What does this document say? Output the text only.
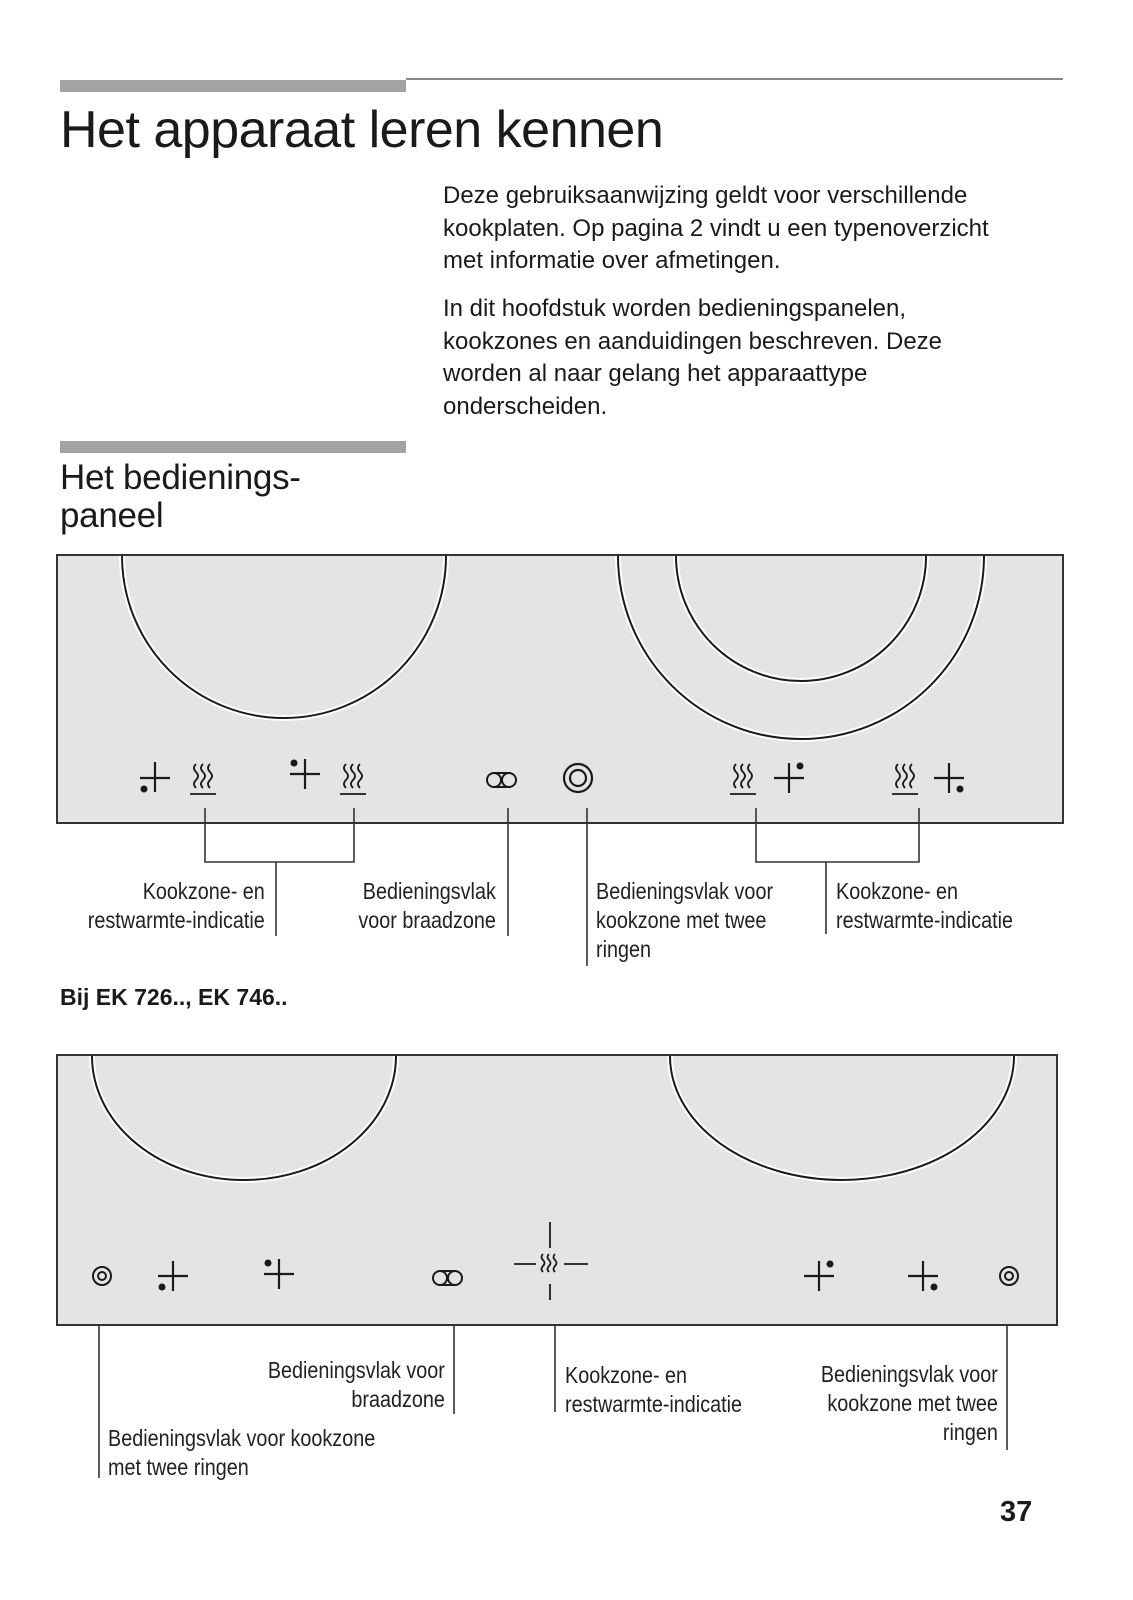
Het apparaat leren kennen

Deze gebruiksaanwijzing geldt voor verschillende
kookplaten. Op pagina 2 vindt u een typenoverzicht
met informatie over afmetingen.

In dit hoofdstuk worden bedieningspanelen,
kookzones en aanduidingen beschreven. Deze
worden al naar gelang het apparaattype
onderscheiden.

Het bedienings-
paneel
Kookzone- en
restwarmte-indicatie
Bedieningsvlak
voor braadzone
Bedieningsvlak voor
kookzone met twee
ringen
Kookzone- en
restwarmte-indicatie

Bij EK 726.., EK 746..

Bedieningsvlak voor
braadzone
Bedieningsvlak voor kookzone
met twee ringen
Kookzone- en
restwarmte-indicatie
Bedieningsvlak voor
kookzone met twee
ringen

37
